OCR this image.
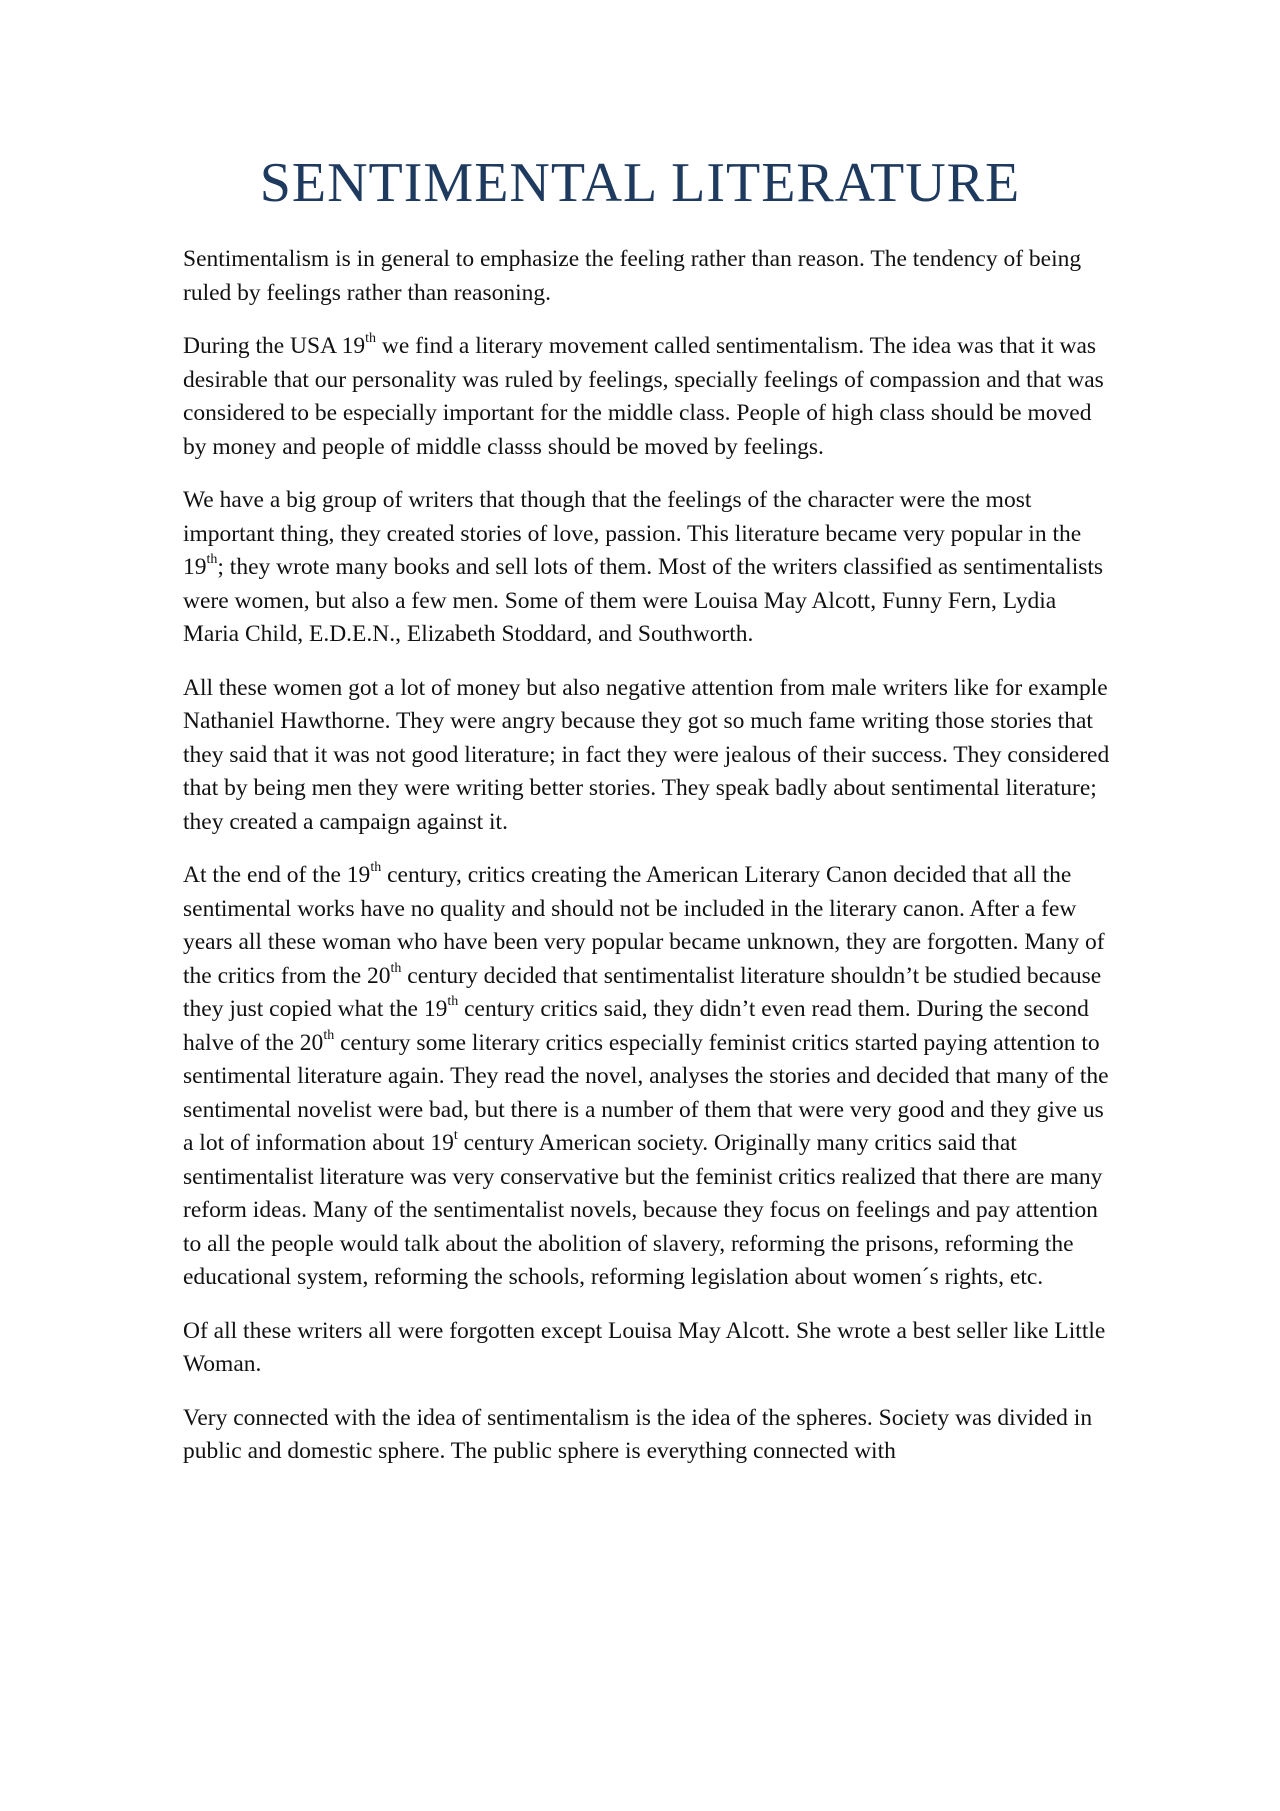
SENTIMENTAL LITERATURE

Sentimentalism is in general to emphasize the feeling rather than reason. The tendency of being ruled by feelings rather than reasoning.

During the USA 19th we find a literary movement called sentimentalism. The idea was that it was desirable that our personality was ruled by feelings, specially feelings of compassion and that was considered to be especially important for the middle class. People of high class should be moved by money and people of middle classs should be moved by feelings.

We have a big group of writers that though that the feelings of the character were the most important thing, they created stories of love, passion. This literature became very popular in the 19th; they wrote many books and sell lots of them. Most of the writers classified as sentimentalists were women, but also a few men. Some of them were Louisa May Alcott, Funny Fern, Lydia Maria Child, E.D.E.N., Elizabeth Stoddard, and Southworth.

All these women got a lot of money but also negative attention from male writers like for example Nathaniel Hawthorne. They were angry because they got so much fame writing those stories that they said that it was not good literature; in fact they were jealous of their success. They considered that by being men they were writing better stories. They speak badly about sentimental literature; they created a campaign against it.

At the end of the 19th century, critics creating the American Literary Canon decided that all the sentimental works have no quality and should not be included in the literary canon. After a few years all these woman who have been very popular became unknown, they are forgotten. Many of the critics from the 20th century decided that sentimentalist literature shouldn’t be studied because they just copied what the 19th century critics said, they didn’t even read them. During the second halve of the 20th century some literary critics especially feminist critics started paying attention to sentimental literature again. They read the novel, analyses the stories and decided that many of the sentimental novelist were bad, but there is a number of them that were very good and they give us a lot of information about 19$^t$ century American society. Originally many critics said that sentimentalist literature was very conservative but the feminist critics realized that there are many reform ideas. Many of the sentimentalist novels, because they focus on feelings and pay attention to all the people would talk about the abolition of slavery, reforming the prisons, reforming the educational system, reforming the schools, reforming legislation about women´s rights, etc.

Of all these writers all were forgotten except Louisa May Alcott. She wrote a best seller like Little Woman.

Very connected with the idea of sentimentalism is the idea of the spheres. Society was divided in public and domestic sphere. The public sphere is everything connected with
